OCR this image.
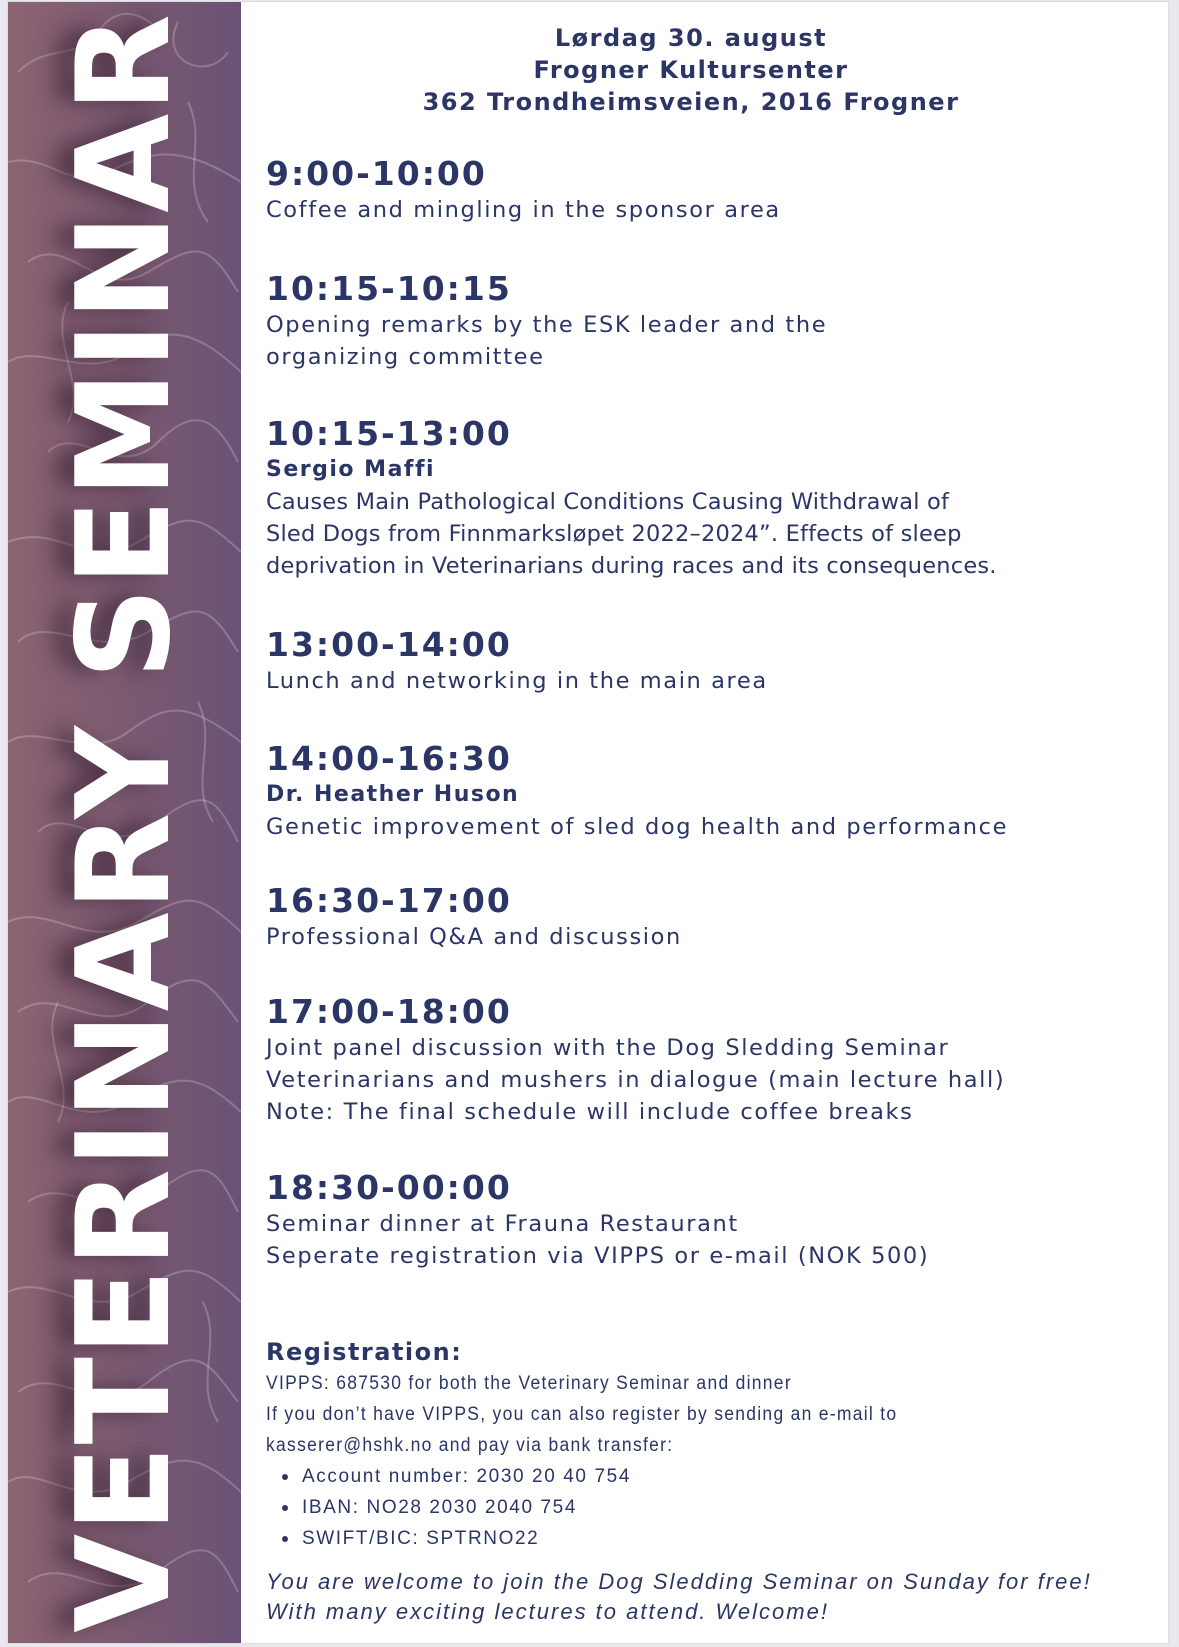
VETERINARY SEMINAR	Lørdag 30. august
Frogner Kultursenter
362 Trondheimsveien, 2016 Frogner
9:00-10:00
Coffee and mingling in the sponsor area
10:15-10:15
Opening remarks by the ESK leader and the
organizing committee
10:15-13:00
Sergio Maffi
Causes Main Pathological Conditions Causing Withdrawal of
Sled Dogs from Finnmarksløpet 2022–2024”. Effects of sleep
deprivation in Veterinarians during races and its consequences.
13:00-14:00
Lunch and networking in the main area
14:00-16:30
Dr. Heather Huson
Genetic improvement of sled dog health and performance
16:30-17:00
Professional Q&A and discussion
17:00-18:00
Joint panel discussion with the Dog Sledding Seminar
Veterinarians and mushers in dialogue (main lecture hall)
Note: The final schedule will include coffee breaks
18:30-00:00
Seminar dinner at Frauna Restaurant
Seperate registration via VIPPS or e-mail (NOK 500)
Registration:
VIPPS: 687530 for both the Veterinary Seminar and dinner
If you don’t have VIPPS, you can also register by sending an e-mail to
kasserer@hshk.no and pay via bank transfer:
Account number: 2030 20 40 754
IBAN: NO28 2030 2040 754
SWIFT/BIC: SPTRNO22
You are welcome to join the Dog Sledding Seminar on Sunday for free!
With many exciting lectures to attend. Welcome!
